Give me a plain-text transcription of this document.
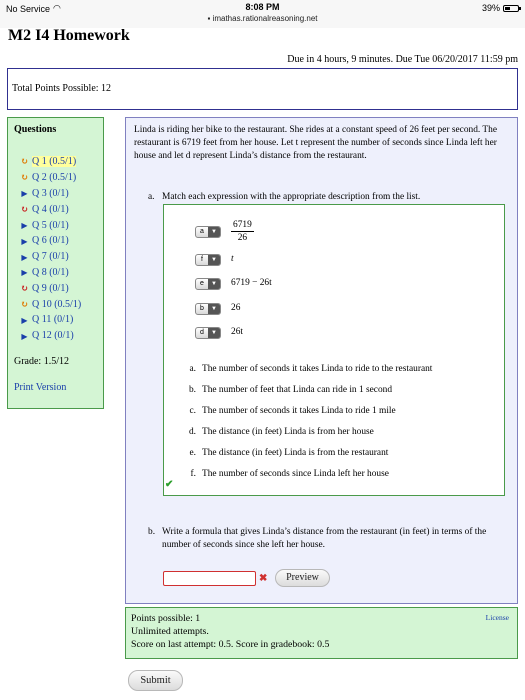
No Service ◠	8:08 PM
▪ imathas.rationalreasoning.net
39%
M2 I4 Homework
Due in 4 hours, 9 minutes. Due Tue 06/20/2017 11:59 pm
Total Points Possible: 12
Questions
↻ Q 1 (0.5/1)
↻ Q 2 (0.5/1)
▶ Q 3 (0/1)
↻ Q 4 (0/1)
▶ Q 5 (0/1)
▶ Q 6 (0/1)
▶ Q 7 (0/1)
▶ Q 8 (0/1)
↻ Q 9 (0/1)
↻ Q 10 (0.5/1)
▶ Q 11 (0/1)
▶ Q 12 (0/1)
Grade: 1.5/12
Print Version
Linda is riding her bike to the restaurant. She rides at a constant speed of 26 feet per second. The restaurant is 6719 feet from her house. Let t represent the number of seconds since Linda left her house and let d represent Linda’s distance from the restaurant.
a. Match each expression with the appropriate description from the list.
a	▼	$\frac{6719}{26}$
f	▼	t
e	▼	6719 − 26t
b	▼	26
d	▼	26t
a. The number of seconds it takes Linda to ride to the restaurant
b. The number of feet that Linda can ride in 1 second
c. The number of seconds it takes Linda to ride 1 mile
d. The distance (in feet) Linda is from her house
e. The distance (in feet) Linda is from the restaurant
f. The number of seconds since Linda left her house
✔
b. Write a formula that gives Linda’s distance from the restaurant (in feet) in terms of the number of seconds since she left her house.
✖	Preview
Points possible: 1
Unlimited attempts.
Score on last attempt: 0.5. Score in gradebook: 0.5
License
Submit
